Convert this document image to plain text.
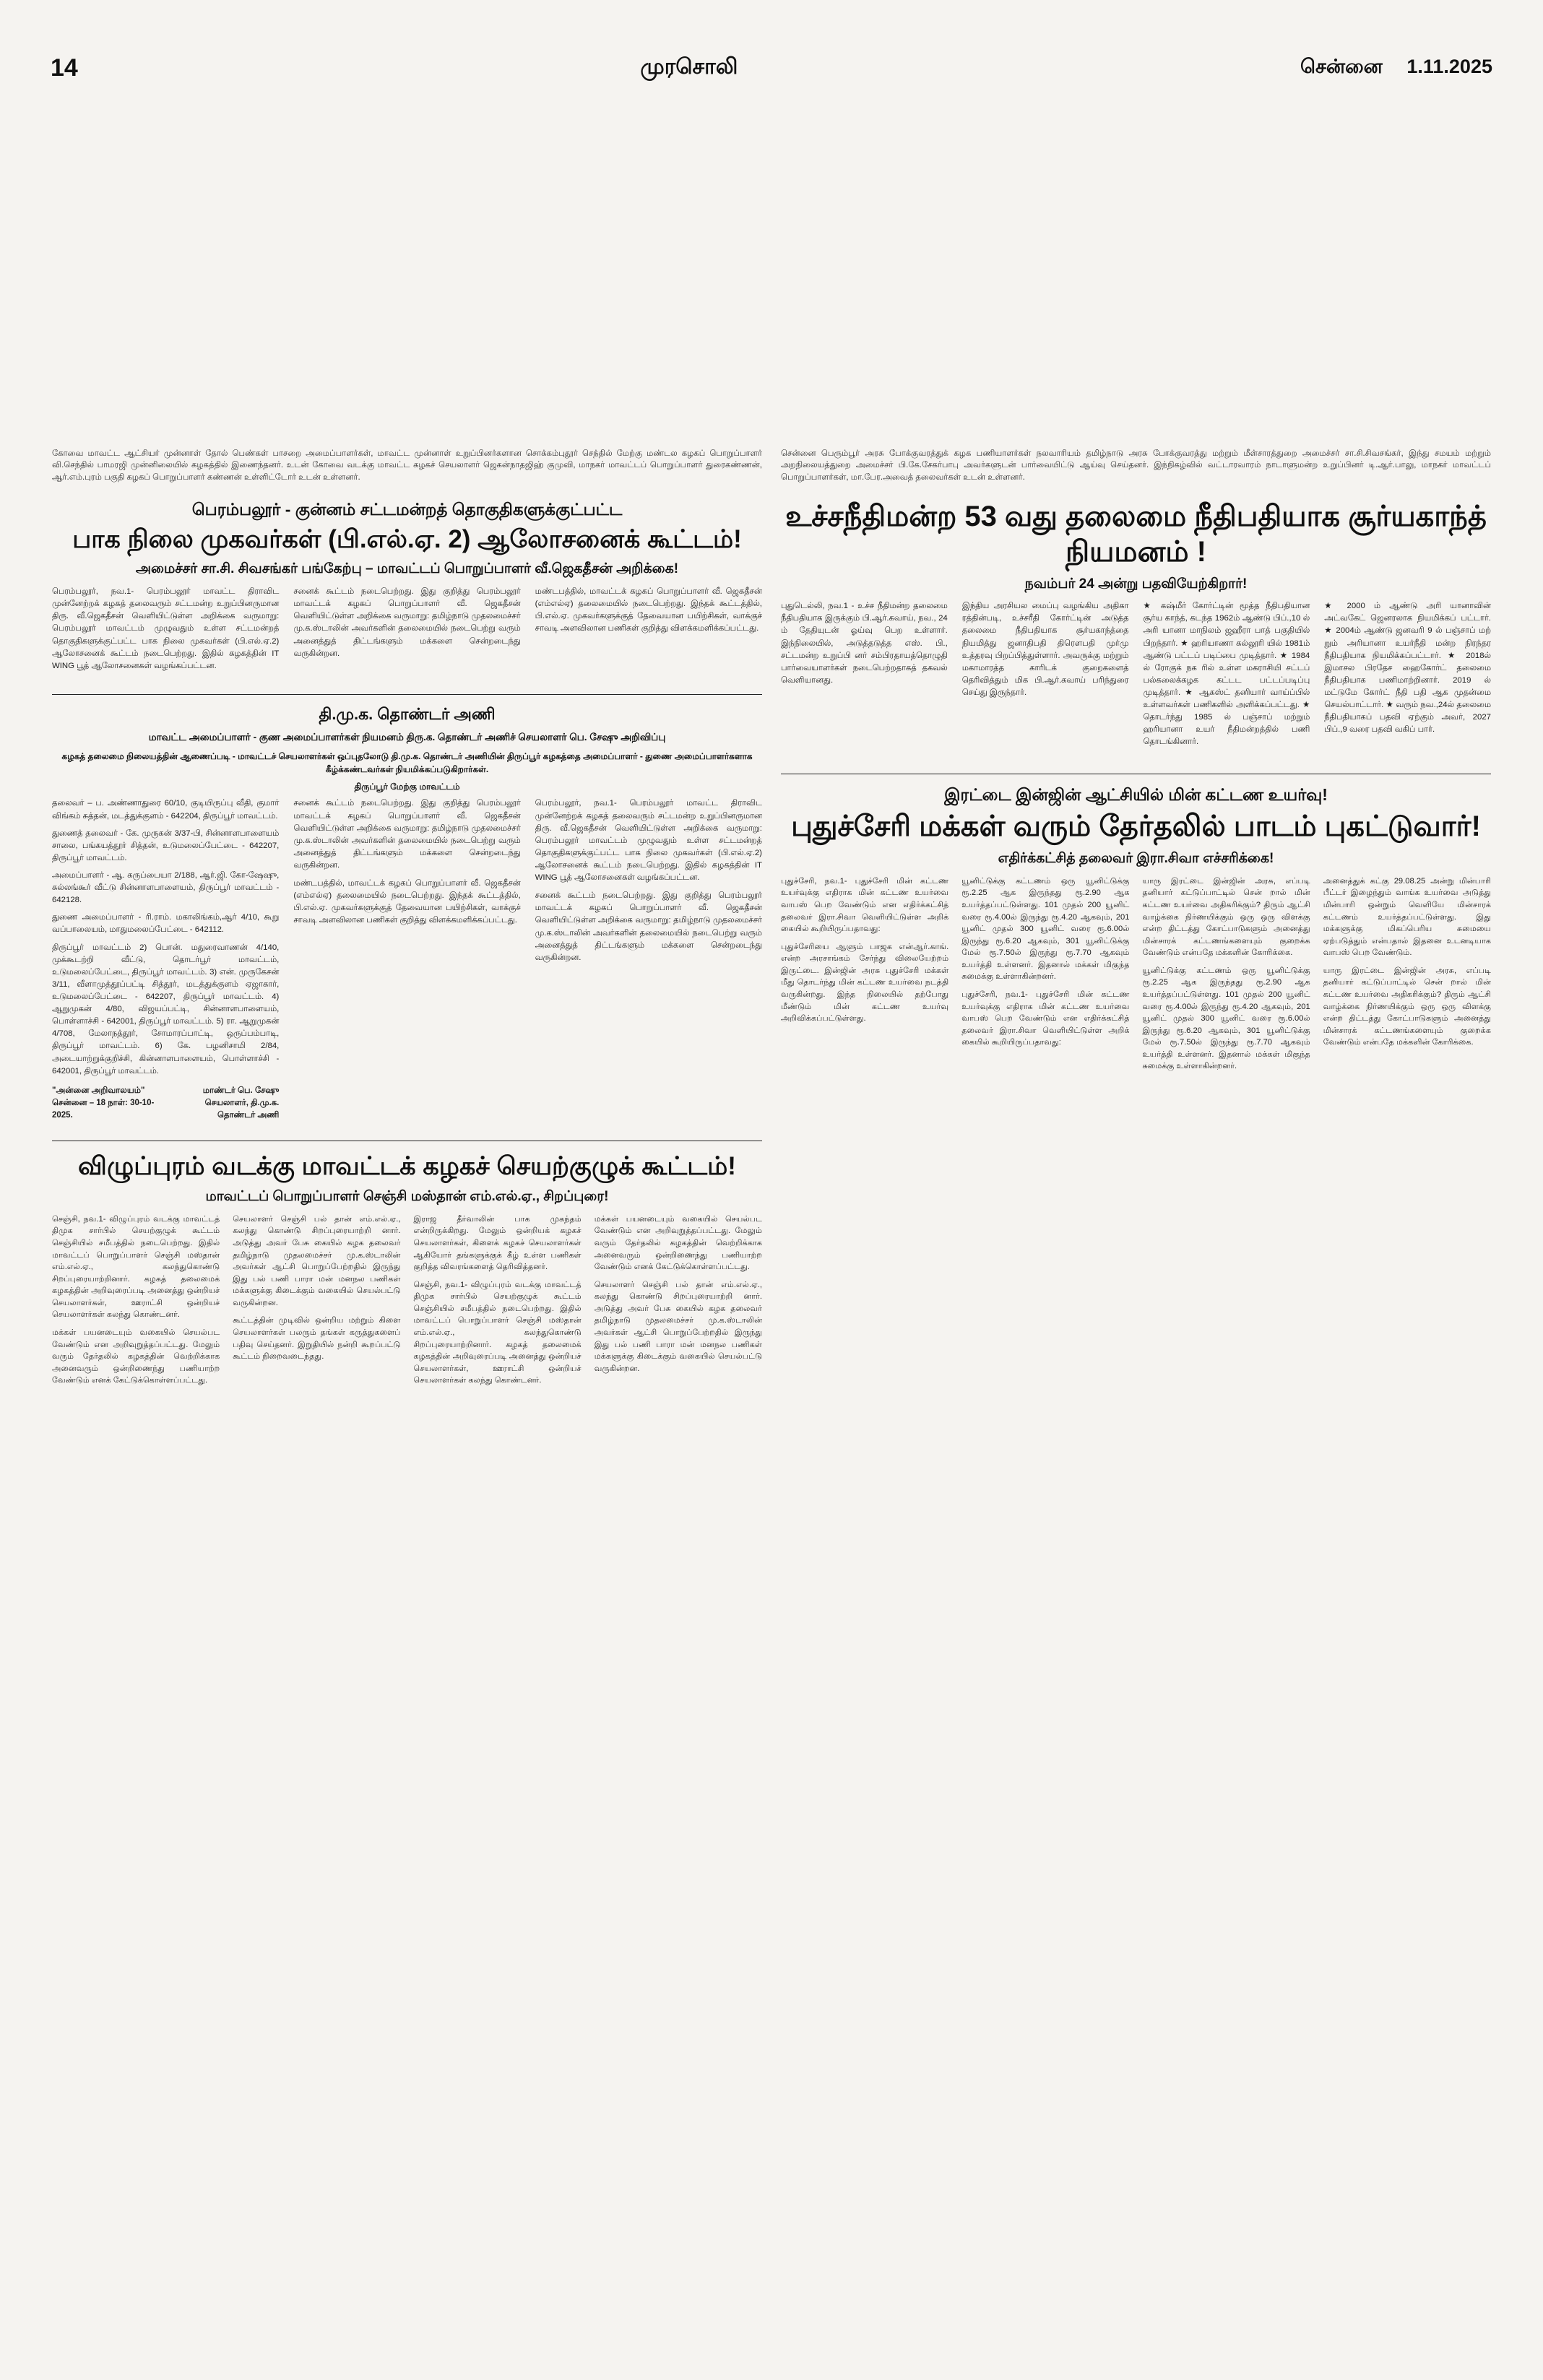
14	முரசொலி	சென்னை 1.11.2025
கோவை மாவட்ட ஆட்சியர் முன்னாள் தோல் பெண்கள் பாசறை அமைப்பாளர்கள், மாவட்ட முன்னாள் உறுப்பினர்களான சொக்கம்புதூர் செந்தில் மேற்கு மண்டல கழகப் பொறுப்பாளர் வி.செந்தில் பாமரஜி முன்னிலையில் கழகத்தில் இணைந்தனர். உடன் கோவை வடக்கு மாவட்ட கழகச் செயலாளர் ஜெகன்நாதஜிஹ் குமுவி, மாநகர் மாவட்டப் பொறுப்பாளர் துரைகண்ணன், ஆர்.எம்.புரம் பகுதி கழகப் பொறுப்பாளர் கண்ணன் உள்ளிட்டோர் உடன் உள்ளனர்.
பெரம்பலூர் - குன்னம் சட்டமன்றத் தொகுதிகளுக்குட்பட்ட
பாக நிலை முகவர்கள் (பி.எல்.ஏ. 2) ஆலோசனைக் கூட்டம்!
அமைச்சர் சா.சி. சிவசங்கர் பங்கேற்பு – மாவட்டப் பொறுப்பாளர் வீ.ஜெகதீசன் அறிக்கை!

பெரம்பலூர், நவ.1- பெரம்பலூர் மாவட்ட திராவிட முன்னேற்றக் கழகத் தலைவரும் சட்டமன்ற உறுப்பினருமான திரு. வீ.ஜெகதீசன் வெளியிட்டுள்ள அறிக்கை வருமாறு: பெரம்பலூர் மாவட்டம் முழுவதும் உள்ள சட்டமன்றத் தொகுதிகளுக்குட்பட்ட பாக நிலை முகவர்கள் (பி.எல்.ஏ.2) ஆலோசனைக் கூட்டம் நடைபெற்றது. இதில் கழகத்தின் IT WING பூத் ஆலோசனைகள் வழங்கப்பட்டன.

சனைக் கூட்டம் நடைபெற்றது. இது குறித்து பெரம்பலூர் மாவட்டக் கழகப் பொறுப்பாளர் வீ. ஜெகதீசன் வெளியிட்டுள்ள அறிக்கை வருமாறு: தமிழ்நாடு முதலமைச்சர் மு.க.ஸ்டாலின் அவர்களின் தலைமையில் நடைபெற்று வரும் அனைத்துத் திட்டங்களும் மக்களை சென்றடைந்து வருகின்றன.

மண்டபத்தில், மாவட்டக் கழகப் பொறுப்பாளர் வீ. ஜெகதீசன் (எம்எல்ஏ) தலைமையில் நடைபெற்றது. இந்தக் கூட்டத்தில், பி.எல்.ஏ. முகவர்களுக்குத் தேவையான பயிற்சிகள், வாக்குச் சாவடி அளவிலான பணிகள் குறித்து விளக்கமளிக்கப்பட்டது.

தி.மு.க. தொண்டர் அணி
மாவட்ட அமைப்பாளர் - குண அமைப்பாளர்கள் நியமனம் திரு.க. தொண்டர் அணிச் செயலாளர் பெ. சேஷு அறிவிப்பு
கழகத் தலைமை நிலையத்தின் ஆணைப்படி - மாவட்டச் செயலாளர்கள் ஒப்புதலோடு தி.மு.க. தொண்டர் அணியின் திருப்பூர் கழகத்தை அமைப்பாளர் - துணை அமைப்பாளர்களாக கீழ்க்கண்டவர்கள் நியமிக்கப்படுகிறார்கள்.
திருப்பூர் மேற்கு மாவட்டம்

தலைவர் – ப. அண்ணாதுரை 60/10, குடியிருப்பு வீதி, குமார் விங்கம் சுத்தன், மடத்துக்குளம் - 642204, திருப்பூர் மாவட்டம்.

துணைத் தலைவர் - கே. முருகன் 3/37-பி, சின்னாளபாளையம் சாலை, பங்கயத்தூர் சித்தன், உடுமலைப்பேட்டை - 642207, திருப்பூர் மாவட்டம்.

அமைப்பாளர் - ஆ. கருப்பையா 2/188, ஆர்.ஜி. கோ-ஷேஷு, சுல்லங்கூர் வீட்டு சின்னாளபாளையம், திருப்பூர் மாவட்டம் - 642128.

துணை அமைப்பாளர் - ரி.ராம். மகாலிங்கம்,ஆர் 4/10, கூறு வப்பாலையம், மாதுமலைப்பேட்டை - 642112.

திருப்பூர் மாவட்டம் 2) பொன். மதுரைவாணன் 4/140, முக்கூடற்றி வீட்டு, தொடர்பூர் மாவட்டம், உடுமலைப்பேட்டை, திருப்பூர் மாவட்டம். 3) என். முருகேசன் 3/11, வீளாமுத்தூப்பட்டி சித்தூர், மடத்துக்குளம் ஏஜாகார், உடுமலைப்பேட்டை - 642207, திருப்பூர் மாவட்டம். 4) ஆறுமுகன் 4/80, விஜயப்பட்டி, சின்னாளபாளையம், பொள்ளாச்சி - 642001, திருப்பூர் மாவட்டம். 5) ரா. ஆறுமுகன் 4/708, மேலாநத்தூர், சோமாரப்பாட்டி, ஒருப்பம்பாடி, திருப்பூர் மாவட்டம். 6) கே. பழனிசாமி 2/84, அடையாற்றுக்குறிச்சி, கின்னாளபாளையம், பொள்ளாச்சி - 642001, திருப்பூர் மாவட்டம்.

"அன்னை அறிவாலயம்" சென்னை – 18 நாள்: 30-10-2025.
மாண்டர் பெ. சேஷு செயலாளர், தி.மு.க. தொண்டர் அணி

சனைக் கூட்டம் நடைபெற்றது. இது குறித்து பெரம்பலூர் மாவட்டக் கழகப் பொறுப்பாளர் வீ. ஜெகதீசன் வெளியிட்டுள்ள அறிக்கை வருமாறு: தமிழ்நாடு முதலமைச்சர் மு.க.ஸ்டாலின் அவர்களின் தலைமையில் நடைபெற்று வரும் அனைத்துத் திட்டங்களும் மக்களை சென்றடைந்து வருகின்றன.

மண்டபத்தில், மாவட்டக் கழகப் பொறுப்பாளர் வீ. ஜெகதீசன் (எம்எல்ஏ) தலைமையில் நடைபெற்றது. இந்தக் கூட்டத்தில், பி.எல்.ஏ. முகவர்களுக்குத் தேவையான பயிற்சிகள், வாக்குச் சாவடி அளவிலான பணிகள் குறித்து விளக்கமளிக்கப்பட்டது.

பெரம்பலூர், நவ.1- பெரம்பலூர் மாவட்ட திராவிட முன்னேற்றக் கழகத் தலைவரும் சட்டமன்ற உறுப்பினருமான திரு. வீ.ஜெகதீசன் வெளியிட்டுள்ள அறிக்கை வருமாறு: பெரம்பலூர் மாவட்டம் முழுவதும் உள்ள சட்டமன்றத் தொகுதிகளுக்குட்பட்ட பாக நிலை முகவர்கள் (பி.எல்.ஏ.2) ஆலோசனைக் கூட்டம் நடைபெற்றது. இதில் கழகத்தின் IT WING பூத் ஆலோசனைகள் வழங்கப்பட்டன.

சனைக் கூட்டம் நடைபெற்றது. இது குறித்து பெரம்பலூர் மாவட்டக் கழகப் பொறுப்பாளர் வீ. ஜெகதீசன் வெளியிட்டுள்ள அறிக்கை வருமாறு: தமிழ்நாடு முதலமைச்சர் மு.க.ஸ்டாலின் அவர்களின் தலைமையில் நடைபெற்று வரும் அனைத்துத் திட்டங்களும் மக்களை சென்றடைந்து வருகின்றன.

விழுப்புரம் வடக்கு மாவட்டக் கழகச் செயற்குழுக் கூட்டம்!
மாவட்டப் பொறுப்பாளர் செஞ்சி மஸ்தான் எம்.எல்.ஏ., சிறப்புரை!

செஞ்சி, நவ.1- விழுப்புரம் வடக்கு மாவட்டத் திமுக சார்பில் செயற்குழுக் கூட்டம் செஞ்சியில் சமீபத்தில் நடைபெற்றது. இதில் மாவட்டப் பொறுப்பாளர் செஞ்சி மஸ்தான் எம்.எல்.ஏ., கலந்துகொண்டு சிறப்புரையாற்றினார். கழகத் தலைமைக் கழகத்தின் அறிவுரைப்படி அனைத்து ஒன்றியச் செயலாளர்கள், ஊராட்சி ஒன்றியச் செயலாளர்கள் கலந்து கொண்டனர்.

மக்கள் பயனடையும் வகையில் செயல்பட வேண்டும் என அறிவுறுத்தப்பட்டது. மேலும் வரும் தேர்தலில் கழகத்தின் வெற்றிக்காக அனைவரும் ஒன்றிணைந்து பணியாற்ற வேண்டும் எனக் கேட்டுக்கொள்ளப்பட்டது.

செயலாளர் செஞ்சி பல் தான் எம்.எல்.ஏ., கலந்து கொண்டு சிறப்புரையாற்றி னார். அடுத்து அவர் பேசு கையில் கழக தலைவர் தமிழ்நாடு முதலமைச்சர் மு.க.ஸ்டாலின் அவர்கள் ஆட்சி பொறுப்பேற்றதில் இருந்து இது பல் பணி பாரா மன் மனநல பணிகள் மக்களுக்கு கிடைக்கும் வகையில் செயல்பட்டு வருகின்றன.

கூட்டத்தின் முடிவில் ஒன்றிய மற்றும் கிளை செயலாளர்கள் பலரும் தங்கள் கருத்துகளைப் பதிவு செய்தனர். இறுதியில் நன்றி கூறப்பட்டு கூட்டம் நிறைவடைந்தது.

இராஜ தீர்வாலின் பாக முகந்தம் என்றிருக்கிறது. மேலும் ஒன்றியக் கழகச் செயலாளர்கள், கிளைக் கழகச் செயலாளர்கள் ஆகியோர் தங்களுக்குக் கீழ் உள்ள பணிகள் குறித்த விவரங்களைத் தெரிவித்தனர்.

செஞ்சி, நவ.1- விழுப்புரம் வடக்கு மாவட்டத் திமுக சார்பில் செயற்குழுக் கூட்டம் செஞ்சியில் சமீபத்தில் நடைபெற்றது. இதில் மாவட்டப் பொறுப்பாளர் செஞ்சி மஸ்தான் எம்.எல்.ஏ., கலந்துகொண்டு சிறப்புரையாற்றினார். கழகத் தலைமைக் கழகத்தின் அறிவுரைப்படி அனைத்து ஒன்றியச் செயலாளர்கள், ஊராட்சி ஒன்றியச் செயலாளர்கள் கலந்து கொண்டனர்.

மக்கள் பயனடையும் வகையில் செயல்பட வேண்டும் என அறிவுறுத்தப்பட்டது. மேலும் வரும் தேர்தலில் கழகத்தின் வெற்றிக்காக அனைவரும் ஒன்றிணைந்து பணியாற்ற வேண்டும் எனக் கேட்டுக்கொள்ளப்பட்டது.

செயலாளர் செஞ்சி பல் தான் எம்.எல்.ஏ., கலந்து கொண்டு சிறப்புரையாற்றி னார். அடுத்து அவர் பேசு கையில் கழக தலைவர் தமிழ்நாடு முதலமைச்சர் மு.க.ஸ்டாலின் அவர்கள் ஆட்சி பொறுப்பேற்றதில் இருந்து இது பல் பணி பாரா மன் மனநல பணிகள் மக்களுக்கு கிடைக்கும் வகையில் செயல்பட்டு வருகின்றன.

சென்னை பெரும்பூர் அரசு போக்குவரத்துக் கழக பணியாளர்கள் நலவாரியம் தமிழ்நாடு அரசு போக்குவரத்து மற்றும் மீள்சாரத்துறை அமைச்சர் சா.சி.சிவசங்கர், இந்து சமயம் மற்றும் அறநிலையத்துறை அமைச்சர் பி.கே.சேகர்பாபு அவர்களுடன் பார்வையிட்டு ஆய்வு செய்தனர். இந்நிகழ்வில் வட்டாரவாரம் நாடாளுமன்ற உறுப்பினர் டி.ஆர்.பாலு, மாநகர் மாவட்டப் பொறுப்பாளர்கள், மா.பேர.அவைத் தலைவர்கள் உடன் உள்ளனர்.
உச்சநீதிமன்ற 53 வது தலைமை நீதிபதியாக சூர்யகாந்த் நியமனம் !
நவம்பர் 24 அன்று பதவியேற்கிறார்!

புதுடெல்லி, நவ.1 - உச்ச நீதிமன்ற தலைமை நீதிபதியாக இருக்கும் பி.ஆர்.கவாய், நவ., 24 ம் தேதியுடன் ஓய்வு பெற உள்ளார். இந்நிலையில், அடுத்தடுத்த எஸ். பி., சட்டமன்ற உறுப்பி னர் சம்பிரதாயத்தொழுதி பார்வையாளர்கள் நடைபெற்றதாகத் தகவல் வெளியானது.

இந்திய அரசியல மைப்பு வழங்கிய அதிகா ரத்தின்படி, உச்சரீதி கோர்ட்டின் அடுத்த தலைமை நீதிபதியாக சூர்யகாந்த்தை நியமித்து ஜனாதிபதி திரௌபதி முர்மு உத்தரவு பிறப்பித்துள்ளார். அவருக்கு மற்றும் மகாமாரத்த காரிடக் குறைகளைத் தெரிவித்தும் மிக பி.ஆர்.கவாய் பரிந்துரை செய்து இருந்தார்.

★ கஷ்மீர் கோர்ட்டின் மூத்த நீதிபதியான சூர்ய காந்த், கடந்த 1962ம் ஆண்டு பிப்.,10 ல் அரி யானா மாநிலம் ஜஹீரா பாத் பகுதியில் பிறந்தார். ★ ஹரியாணா கல்லூரி யில் 1981ம் ஆண்டு பட்டப் படிப்பை முடித்தார். ★ 1984 ல் ரோகுக் நக ரில் உள்ள மகராசியி சட்டப் பல்கலைக்கழக கட்டட பட்டப்படிப்பு முடித்தார். ★ ஆகஸ்ட் தனியார் வாய்ப்பில் உள்ளவர்கள் பணிகளில் அளிக்கப்பட்டது. ★ தொடர்ந்து 1985 ல் பஞ்சாப் மற்றும் ஹரியானா உயர் நீதிமன்றத்தில் பணி தொடங்கினார்.

★ 2000 ம் ஆண்டு அரி யானாவின் அட்வகேட் ஜெனரலாக நியமிக்கப் பட்டார். ★ 2004ம் ஆண்டு ஜனவரி 9 ல் பஞ்சாப் மற் றும் அரியானா உயர்நீதி மன்ற நிரந்தர நீதிபதியாக நியமிக்கப்பட்டார். ★ 2018ல் இமாசல பிரதேச ஹைகோர்ட் தலைமை நீதிபதியாக பணிமாற்றினார். 2019 ல் மட்டுமே கோர்ட் நீதி பதி ஆக முதன்மை செயல்பாட்டார். ★ வரும் நவ.,24ல் தலைமை நீதிபதியாகப் பதவி ஏற்கும் அவர், 2027 பிப்.,9 வரை பதவி வகிப் பார்.

இரட்டை இன்ஜின் ஆட்சியில் மின் கட்டண உயர்வு!
புதுச்சேரி மக்கள் வரும் தேர்தலில் பாடம் புகட்டுவார்!
எதிர்க்கட்சித் தலைவர் இரா.சிவா எச்சரிக்கை!

புதுச்சேரி, நவ.1- புதுச்சேரி மின் கட்டண உயர்வுக்கு எதிராக மின் கட்டண உயர்வை வாபஸ் பெற வேண்டும் என எதிர்க்கட்சித் தலைவர் இரா.சிவா வெளியிட்டுள்ள அறிக் கையில் கூறியிருப்பதாவது:

புதுச்சேரியை ஆளும் பாஜக என்ஆர்.காங். என்ற அரசாங்கம் சேர்ந்து விலையேற்றம் இருட்டை. இன்ஜின் அரசு புதுச்சேரி மக்கள் மீது தொடர்ந்து மின் கட்டண உயர்வை நடத்தி வருகின்றது. இந்த நிலையில் தற்போது மீண்டும் மின் கட்டண உயர்வு அறிவிக்கப்பட்டுள்ளது.

யூனிட்டுக்கு கட்டணம் ஒரு யூனிட்டுக்கு ரூ.2.25 ஆக இருந்தது ரூ.2.90 ஆக உயர்த்தப்பட்டுள்ளது. 101 முதல் 200 யூனிட் வரை ரூ.4.00ல் இருந்து ரூ.4.20 ஆகவும், 201 யூனிட் முதல் 300 யூனிட் வரை ரூ.6.00ல் இருந்து ரூ.6.20 ஆகவும், 301 யூனிட்டுக்கு மேல் ரூ.7.50ல் இருந்து ரூ.7.70 ஆகவும் உயர்த்தி உள்ளனர். இதனால் மக்கள் மிகுந்த சுமைக்கு உள்ளாகின்றனர்.

புதுச்சேரி, நவ.1- புதுச்சேரி மின் கட்டண உயர்வுக்கு எதிராக மின் கட்டண உயர்வை வாபஸ் பெற வேண்டும் என எதிர்க்கட்சித் தலைவர் இரா.சிவா வெளியிட்டுள்ள அறிக் கையில் கூறியிருப்பதாவது:

யாரு இரட்டை இன்ஜின் அரசு, எப்படி தனியார் கட்டுப்பாட்டில் சென் றால் மின் கட்டண உயர்வை அதிகரிக்கும்? திரும் ஆட்சி வாழ்க்கை நிர்ணயிக்கும் ஒரு ஒரு விளக்கு என்ற திட்டத்து கோட்பாடுகளும் அனைத்து மின்சாரக் கட்டணங்களையும் குறைக்க வேண்டும் என்பதே மக்களின் கோரிக்கை.

யூனிட்டுக்கு கட்டணம் ஒரு யூனிட்டுக்கு ரூ.2.25 ஆக இருந்தது ரூ.2.90 ஆக உயர்த்தப்பட்டுள்ளது. 101 முதல் 200 யூனிட் வரை ரூ.4.00ல் இருந்து ரூ.4.20 ஆகவும், 201 யூனிட் முதல் 300 யூனிட் வரை ரூ.6.00ல் இருந்து ரூ.6.20 ஆகவும், 301 யூனிட்டுக்கு மேல் ரூ.7.50ல் இருந்து ரூ.7.70 ஆகவும் உயர்த்தி உள்ளனர். இதனால் மக்கள் மிகுந்த சுமைக்கு உள்ளாகின்றனர்.

அனைத்துக் கட்கு 29.08.25 அன்று மின்பாரி பீட்டர் இழைந்தும் வாங்க உயர்வை அடுத்து மின்பாரி ஒன்றும் வெளியே மின்சாரக் கட்டணம் உயர்த்தப்பட்டுள்ளது. இது மக்களுக்கு மிகப்பெரிய சுமையை ஏற்படுத்தும் என்பதால் இதனை உடனடியாக வாபஸ் பெற வேண்டும்.

யாரு இரட்டை இன்ஜின் அரசு, எப்படி தனியார் கட்டுப்பாட்டில் சென் றால் மின் கட்டண உயர்வை அதிகரிக்கும்? திரும் ஆட்சி வாழ்க்கை நிர்ணயிக்கும் ஒரு ஒரு விளக்கு என்ற திட்டத்து கோட்பாடுகளும் அனைத்து மின்சாரக் கட்டணங்களையும் குறைக்க வேண்டும் என்பதே மக்களின் கோரிக்கை.
